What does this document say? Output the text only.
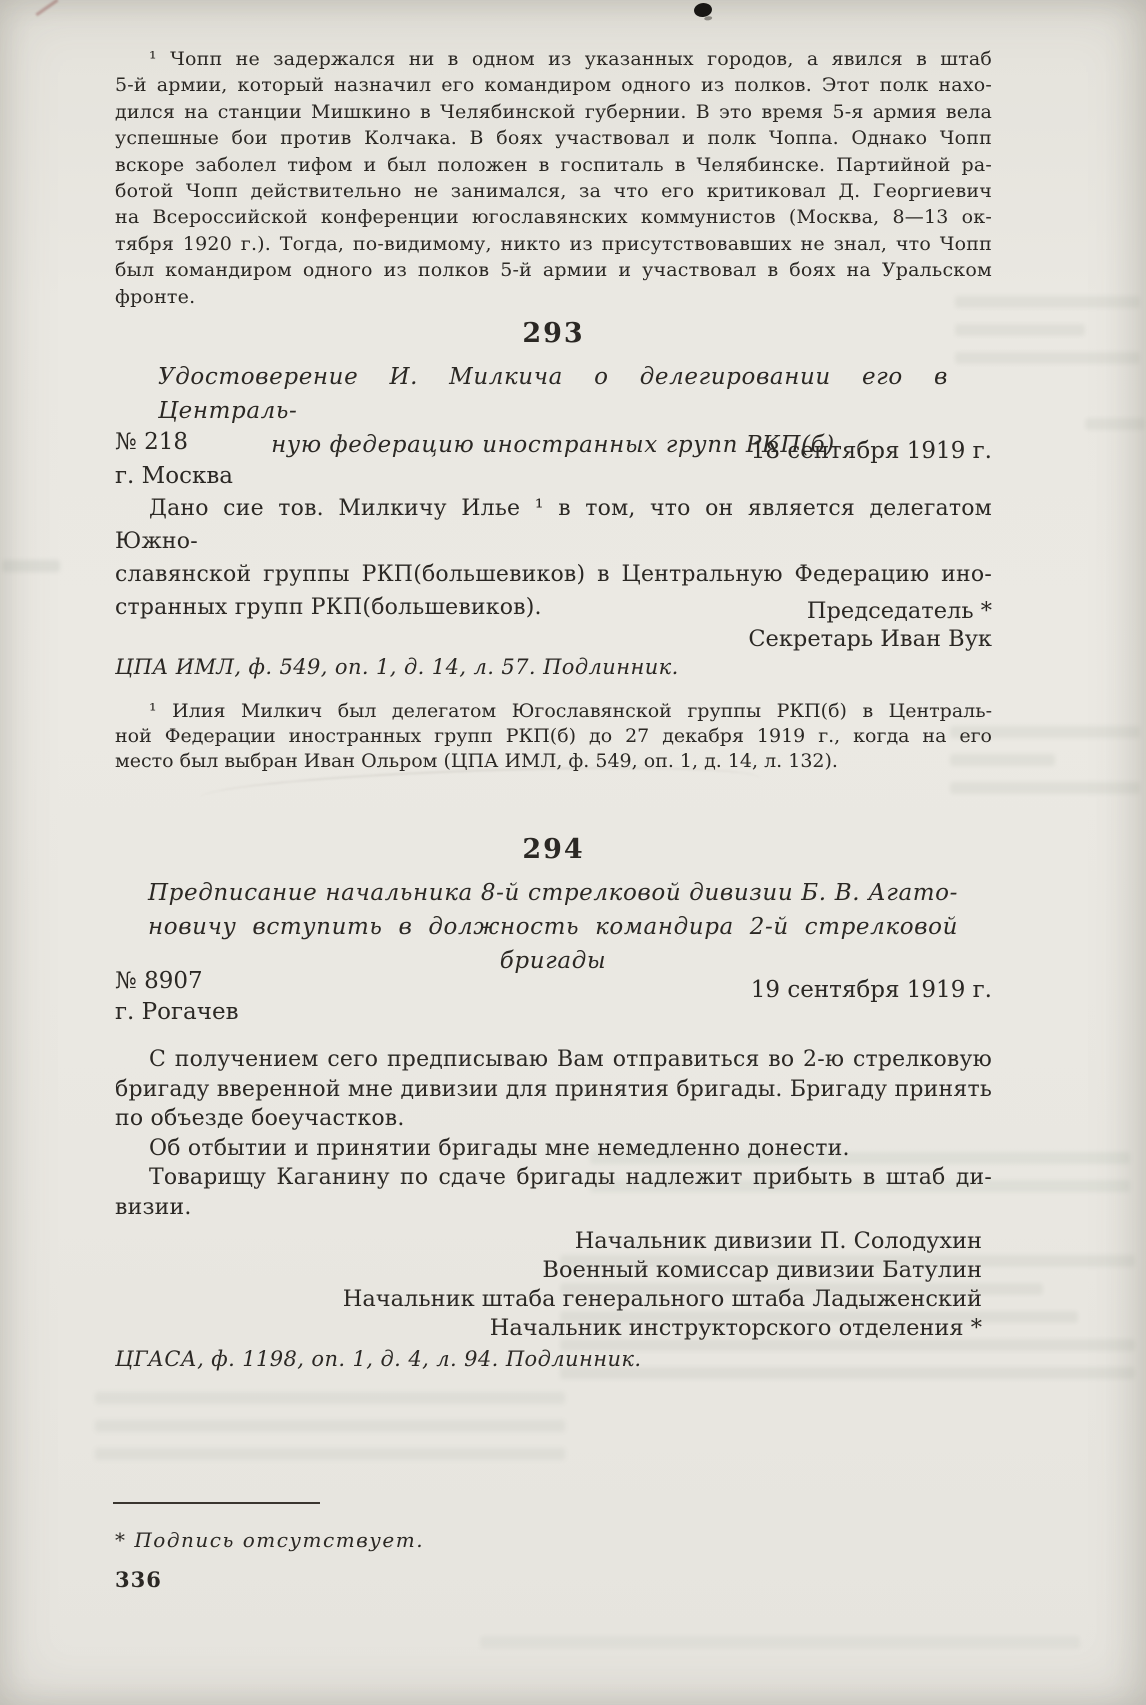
¹ Чопп не задержался ни в одном из указанных городов, а явился в штаб
5-й армии, который назначил его командиром одного из полков. Этот полк нахо-
дился на станции Мишкино в Челябинской губернии. В это время 5-я армия вела
успешные бои против Колчака. В боях участвовал и полк Чоппа. Однако Чопп
вскоре заболел тифом и был положен в госпиталь в Челябинске. Партийной ра-
ботой Чопп действительно не занимался, за что его критиковал Д. Георгиевич
на Всероссийской конференции югославянских коммунистов (Москва, 8—13 ок-
тября 1920 г.). Тогда, по-видимому, никто из присутствовавших не знал, что Чопп
был командиром одного из полков 5-й армии и участвовал в боях на Уральском
фронте.
293
Удостоверение И. Милкича о делегировании его в Централь-
ную федерацию иностранных групп РКП(б)
№ 218	18 сентября 1919 г.
г. Москва
Дано сие тов. Милкичу Илье ¹ в том, что он является делегатом Южно-
славянской группы РКП(большевиков) в Центральную Федерацию ино-
странных групп РКП(большевиков).	Председатель *
Секретарь Иван Вук
ЦПА ИМЛ, ф. 549, оп. 1, д. 14, л. 57. Подлинник.
¹ Илия Милкич был делегатом Югославянской группы РКП(б) в Централь-
ной Федерации иностранных групп РКП(б) до 27 декабря 1919 г., когда на его
место был выбран Иван Ольром (ЦПА ИМЛ, ф. 549, оп. 1, д. 14, л. 132).
294
Предписание начальника 8-й стрелковой дивизии Б. В. Агато-
новичу вступить в должность командира 2-й стрелковой
бригады
№ 8907	19 сентября 1919 г.
г. Рогачев
С получением сего предписываю Вам отправиться во 2-ю стрелковую
бригаду вверенной мне дивизии для принятия бригады. Бригаду принять
по объезде боеучастков.
Об отбытии и принятии бригады мне немедленно донести.
Товарищу Каганину по сдаче бригады надлежит прибыть в штаб ди-
визии.
Начальник дивизии П. Солодухин
Военный комиссар дивизии Батулин
Начальник штаба генерального штаба Ладыженский
Начальник инструкторского отделения *
ЦГАСА, ф. 1198, оп. 1, д. 4, л. 94. Подлинник.
* Подпись отсутствует.
336
